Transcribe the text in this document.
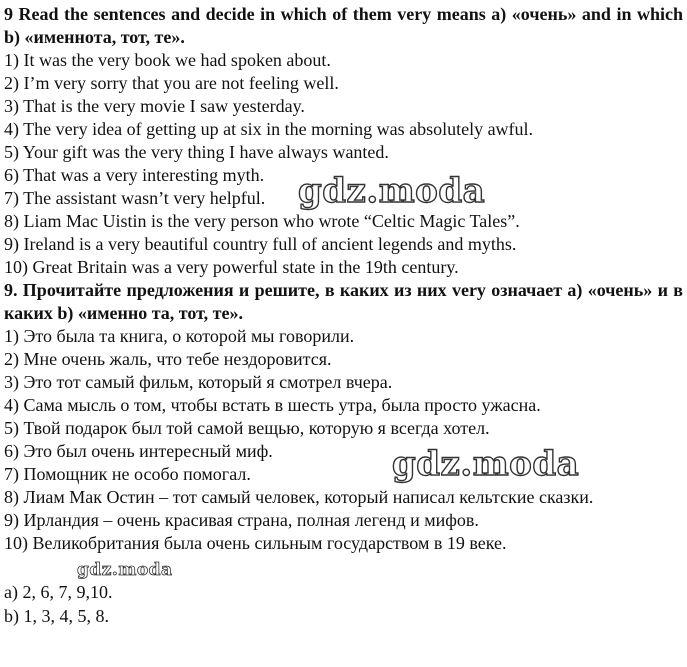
9 Read the sentences and decide in which of them very means a) «очень» and in which b) «именнота, тот, те».
1) It was the very book we had spoken about.
2) I’m very sorry that you are not feeling well.
3) That is the very movie I saw yesterday.
4) The very idea of getting up at six in the morning was absolutely awful.
5) Your gift was the very thing I have always wanted.
6) That was a very interesting myth.
7) The assistant wasn’t very helpful.
8) Liam Mac Uistin is the very person who wrote “Celtic Magic Tales”.
9) Ireland is a very beautiful country full of ancient legends and myths.
10) Great Britain was a very powerful state in the 19th century.
9. Прочитайте предложения и решите, в каких из них very означает а) «очень» и в каких b) «именно та, тот, те».
1) Это была та книга, о которой мы говорили.
2) Мне очень жаль, что тебе нездоровится.
3) Это тот самый фильм, который я смотрел вчера.
4) Сама мысль о том, чтобы встать в шесть утра, была просто ужасна.
5) Твой подарок был той самой вещью, которую я всегда хотел.
6) Это был очень интересный миф.
7) Помощник не особо помогал.
8) Лиам Мак Остин – тот самый человек, который написал кельтские сказки.
9) Ирландия – очень красивая страна, полная легенд и мифов.
10) Великобритания была очень сильным государством в 19 веке.
а) 2, 6, 7, 9,10.
b) 1, 3, 4, 5, 8.
gdz.moda
gdz.moda
gdz.moda
